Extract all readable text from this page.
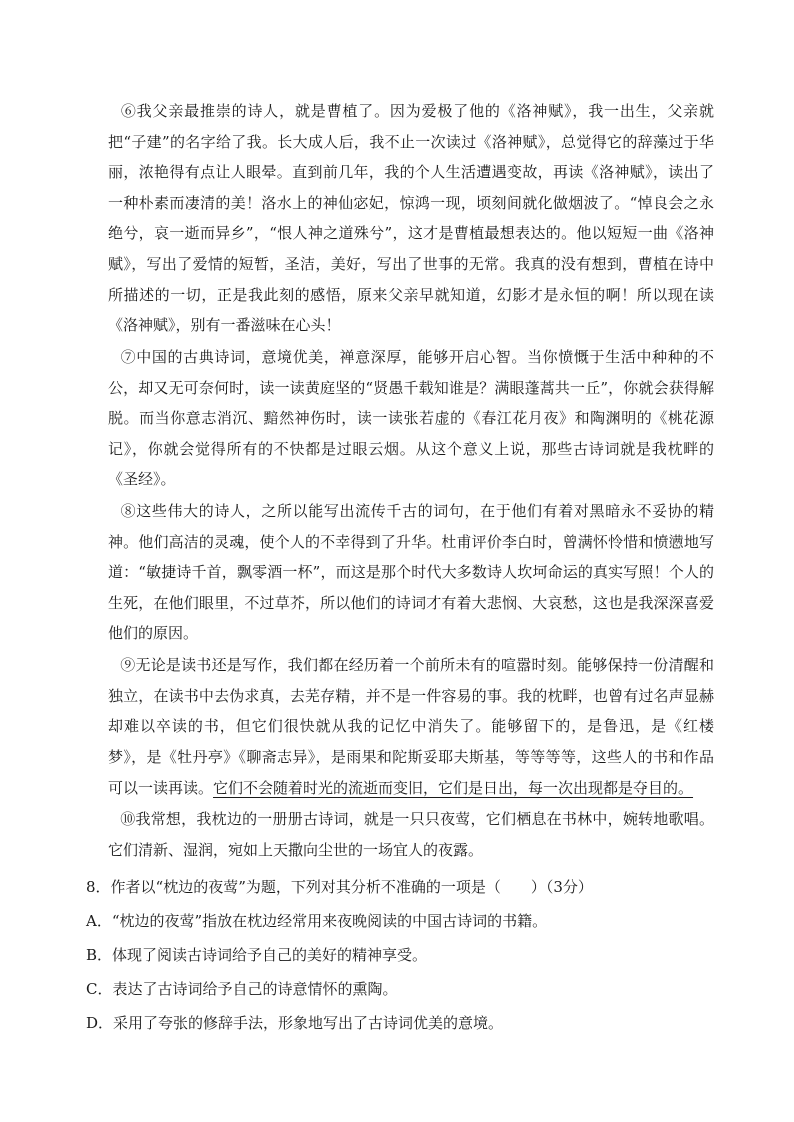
⑥我父亲最推崇的诗人，就是曹植了。因为爱极了他的《洛神赋》，我一出生，父亲就把“子建”的名字给了我。长大成人后，我不止一次读过《洛神赋》，总觉得它的辞藻过于华丽，浓艳得有点让人眼晕。直到前几年，我的个人生活遭遇变故，再读《洛神赋》，读出了一种朴素而凄清的美！洛水上的神仙宓妃，惊鸿一现，顷刻间就化做烟波了。“悼良会之永绝兮，哀一逝而异乡”，“恨人神之道殊兮”，这才是曹植最想表达的。他以短短一曲《洛神赋》，写出了爱情的短暂，圣洁，美好，写出了世事的无常。我真的没有想到，曹植在诗中所描述的一切，正是我此刻的感悟，原来父亲早就知道，幻影才是永恒的啊！所以现在读《洛神赋》，别有一番滋味在心头！

⑦中国的古典诗词，意境优美，禅意深厚，能够开启心智。当你愤慨于生活中种种的不公，却又无可奈何时，读一读黄庭坚的“贤愚千载知谁是？满眼蓬蒿共一丘”，你就会获得解脱。而当你意志消沉、黯然神伤时，读一读张若虚的《春江花月夜》和陶渊明的《桃花源记》，你就会觉得所有的不快都是过眼云烟。从这个意义上说，那些古诗词就是我枕畔的《圣经》。

⑧这些伟大的诗人，之所以能写出流传千古的词句，在于他们有着对黑暗永不妥协的精神。他们高洁的灵魂，使个人的不幸得到了升华。杜甫评价李白时，曾满怀怜惜和愤懑地写道：“敏捷诗千首，飘零酒一杯”，而这是那个时代大多数诗人坎坷命运的真实写照！个人的生死，在他们眼里，不过草芥，所以他们的诗词才有着大悲悯、大哀愁，这也是我深深喜爱他们的原因。

⑨无论是读书还是写作，我们都在经历着一个前所未有的喧嚣时刻。能够保持一份清醒和独立，在读书中去伪求真，去芜存精，并不是一件容易的事。我的枕畔，也曾有过名声显赫却难以卒读的书，但它们很快就从我的记忆中消失了。能够留下的，是鲁迅，是《红楼梦》，是《牡丹亭》《聊斋志异》，是雨果和陀斯妥耶夫斯基，等等等等，这些人的书和作品可以一读再读。它们不会随着时光的流逝而变旧，它们是日出，每一次出现都是夺目的。

⑩我常想，我枕边的一册册古诗词，就是一只只夜莺，它们栖息在书林中，婉转地歌唱。它们清新、湿润，宛如上天撒向尘世的一场宜人的夜露。

8．作者以“枕边的夜莺”为题，下列对其分析不准确的一项是（　　）（3分）
A．“枕边的夜莺”指放在枕边经常用来夜晚阅读的中国古诗词的书籍。
B．体现了阅读古诗词给予自己的美好的精神享受。
C．表达了古诗词给予自己的诗意情怀的熏陶。
D．采用了夸张的修辞手法，形象地写出了古诗词优美的意境。
